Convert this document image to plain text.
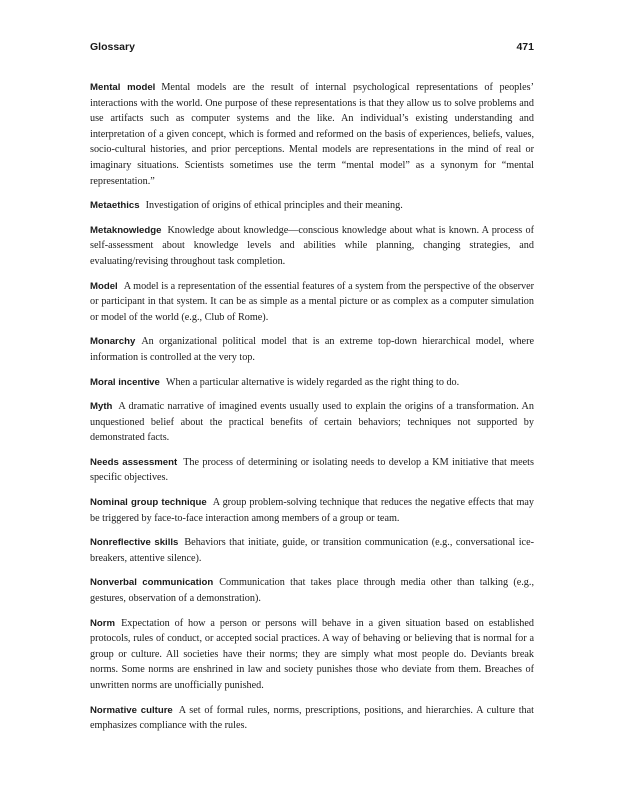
Glossary	471

Mental model Mental models are the result of internal psychological representations of peoples’ interactions with the world. One purpose of these representations is that they allow us to solve problems and use artifacts such as computer systems and the like. An individual’s existing understanding and interpretation of a given concept, which is formed and reformed on the basis of experiences, beliefs, values, socio-cultural histories, and prior perceptions. Mental models are representations in the mind of real or imaginary situations. Scientists sometimes use the term “mental model” as a synonym for “mental representation.”

Metaethics Investigation of origins of ethical principles and their meaning.

Metaknowledge Knowledge about knowledge—conscious knowledge about what is known. A process of self-assessment about knowledge levels and abilities while planning, changing strategies, and evaluating/revising throughout task completion.

Model A model is a representation of the essential features of a system from the perspective of the observer or participant in that system. It can be as simple as a mental picture or as complex as a computer simulation or model of the world (e.g., Club of Rome).

Monarchy An organizational political model that is an extreme top-down hierarchical model, where information is controlled at the very top.

Moral incentive When a particular alternative is widely regarded as the right thing to do.

Myth A dramatic narrative of imagined events usually used to explain the origins of a transformation. An unquestioned belief about the practical benefits of certain behaviors; techniques not supported by demonstrated facts.

Needs assessment The process of determining or isolating needs to develop a KM initiative that meets specific objectives.

Nominal group technique A group problem-solving technique that reduces the negative effects that may be triggered by face-to-face interaction among members of a group or team.

Nonreflective skills Behaviors that initiate, guide, or transition communication (e.g., conversational ice-breakers, attentive silence).

Nonverbal communication Communication that takes place through media other than talking (e.g., gestures, observation of a demonstration).

Norm Expectation of how a person or persons will behave in a given situation based on established protocols, rules of conduct, or accepted social practices. A way of behaving or believing that is normal for a group or culture. All societies have their norms; they are simply what most people do. Deviants break norms. Some norms are enshrined in law and society punishes those who deviate from them. Breaches of unwritten norms are unofficially punished.

Normative culture A set of formal rules, norms, prescriptions, positions, and hierarchies. A culture that emphasizes compliance with the rules.
